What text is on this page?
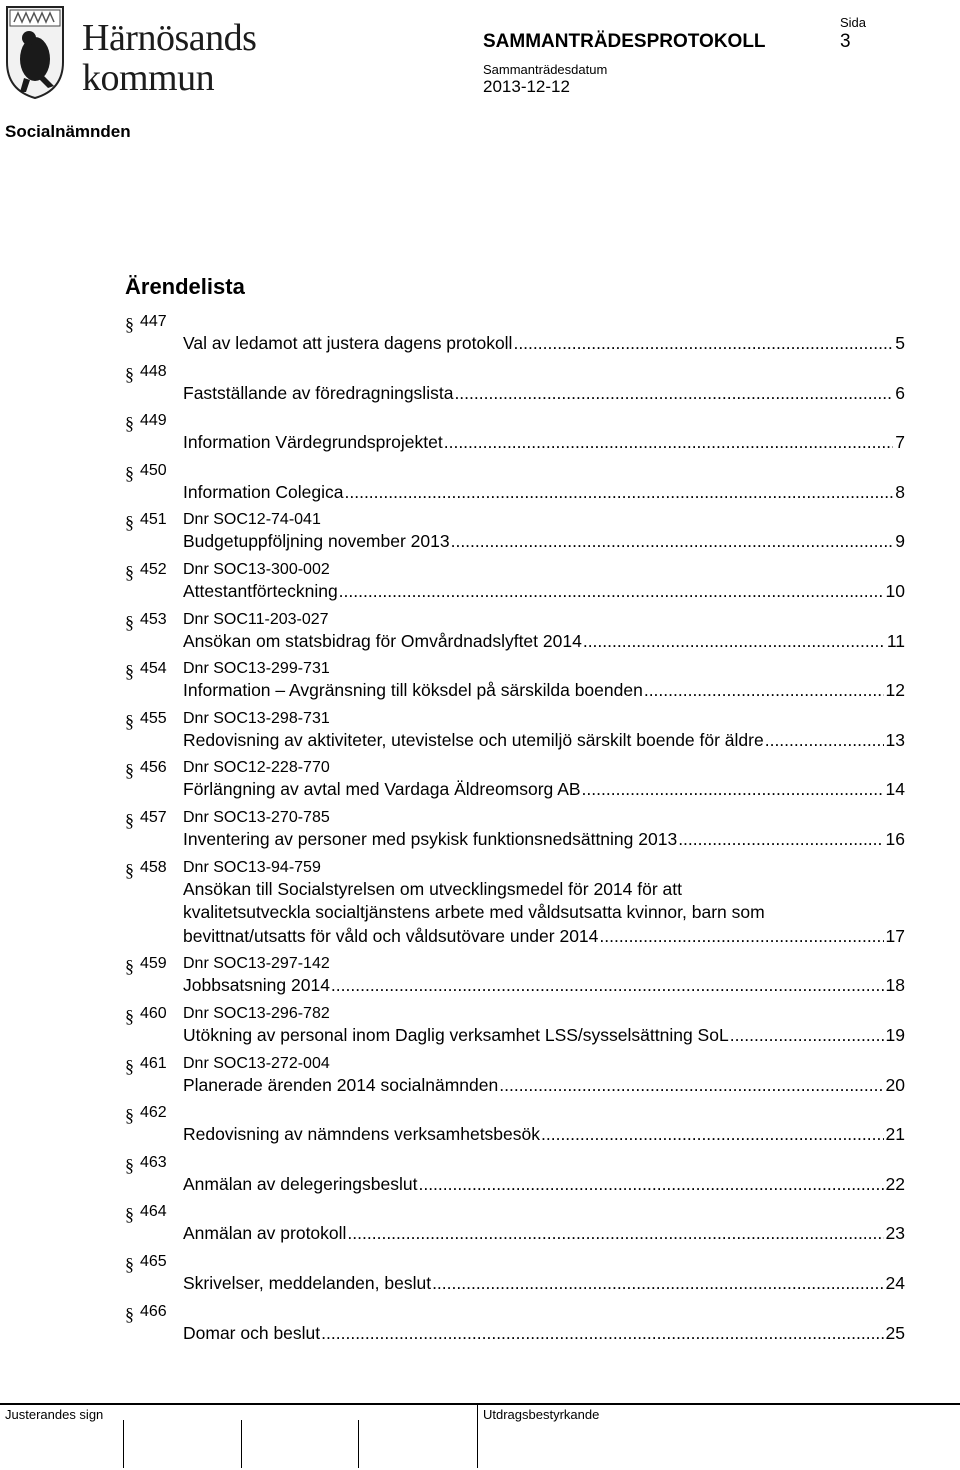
Härnösands
kommun
SAMMANTRÄDESPROTOKOLL
Sida
3
Sammanträdesdatum
2013-12-12
Socialnämnden
Ärendelista
§ 447
Val av ledamot att justera dagens protokoll .....	5
§ 448
Fastställande av föredragningslista .....	6
§ 449
Information Värdegrundsprojektet .....	7
§ 450
Information Colegica .....	8
§ 451 Dnr SOC12-74-041
Budgetuppföljning november 2013 .....	9
§ 452 Dnr SOC13-300-002
Attestantförteckning .....	10
§ 453 Dnr SOC11-203-027
Ansökan om statsbidrag för Omvårdnadslyftet 2014 .....	11
§ 454 Dnr SOC13-299-731
Information – Avgränsning till köksdel på särskilda boenden .....	12
§ 455 Dnr SOC13-298-731
Redovisning av aktiviteter, utevistelse och utemiljö särskilt boende för äldre .....	13
§ 456 Dnr SOC12-228-770
Förlängning av avtal med Vardaga Äldreomsorg AB .....	14
§ 457 Dnr SOC13-270-785
Inventering av personer med psykisk funktionsnedsättning 2013 .....	16
§ 458 Dnr SOC13-94-759
Ansökan till Socialstyrelsen om utvecklingsmedel för 2014 för att
kvalitetsutveckla socialtjänstens arbete med våldsutsatta kvinnor, barn som
bevittnat/utsatts för våld och våldsutövare under 2014 .....	17
§ 459 Dnr SOC13-297-142
Jobbsatsning 2014 .....	18
§ 460 Dnr SOC13-296-782
Utökning av personal inom Daglig verksamhet LSS/sysselsättning SoL .....	19
§ 461 Dnr SOC13-272-004
Planerade ärenden 2014 socialnämnden .....	20
§ 462
Redovisning av nämndens verksamhetsbesök .....	21
§ 463
Anmälan av delegeringsbeslut .....	22
§ 464
Anmälan av protokoll .....	23
§ 465
Skrivelser, meddelanden, beslut .....	24
§ 466
Domar och beslut .....	25
Justerandes sign	Utdragsbestyrkande
